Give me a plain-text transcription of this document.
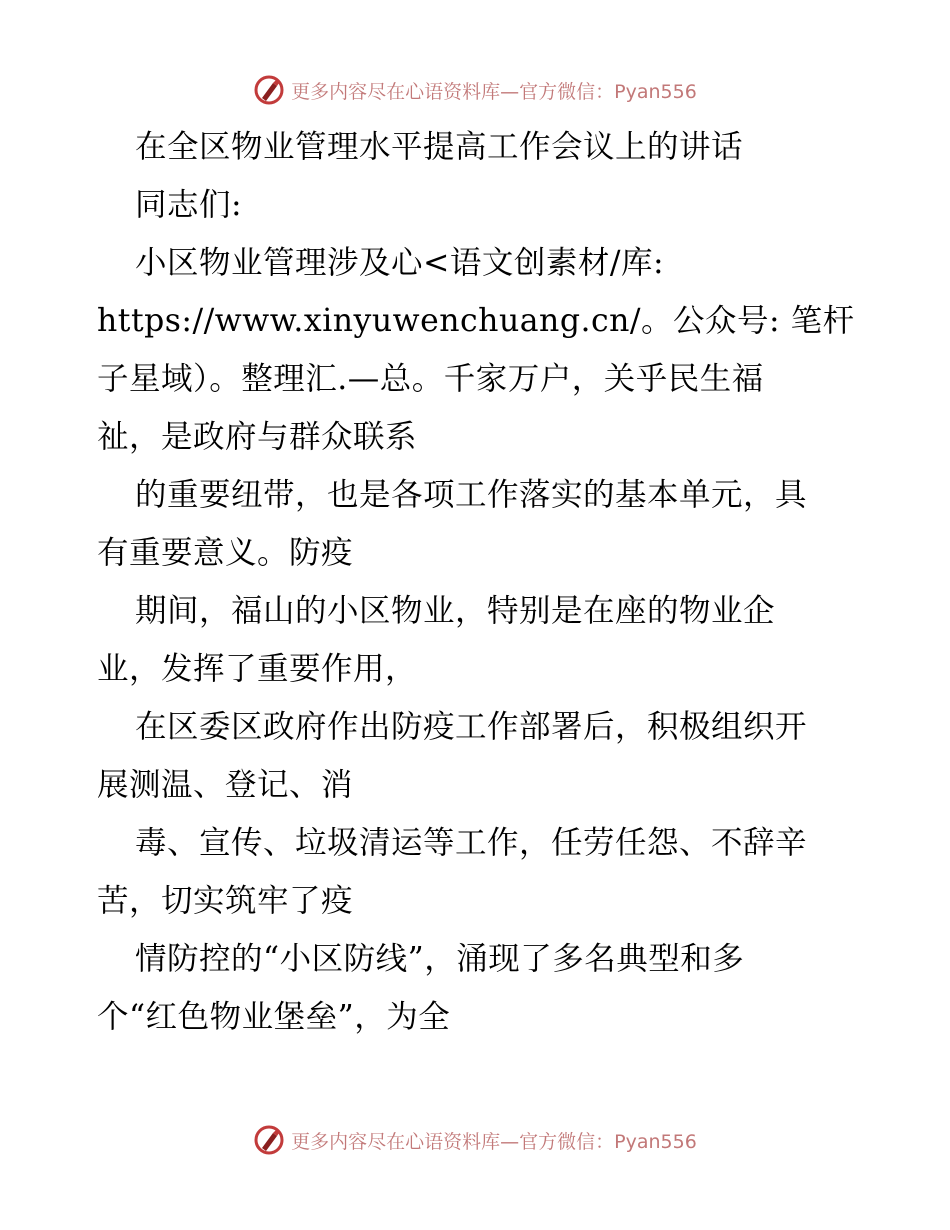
更多内容尽在心语资料库—官方微信：Pyan556
在全区物业管理水平提高工作会议上的讲话
同志们:
小区物业管理涉及心<语文创素材/库:
https://www.xinyuwenchuang.cn/。公众号: 笔杆
子星域）。整理汇.—总。千家万户，关乎民生福
祉，是政府与群众联系
的重要纽带，也是各项工作落实的基本单元，具
有重要意义。防疫
期间，福山的小区物业，特别是在座的物业企
业，发挥了重要作用，
在区委区政府作出防疫工作部署后，积极组织开
展测温、登记、消
毒、宣传、垃圾清运等工作，任劳任怨、不辞辛
苦，切实筑牢了疫
情防控的“小区防线”，涌现了多名典型和多
个“红色物业堡垒”，为全
更多内容尽在心语资料库—官方微信：Pyan556
